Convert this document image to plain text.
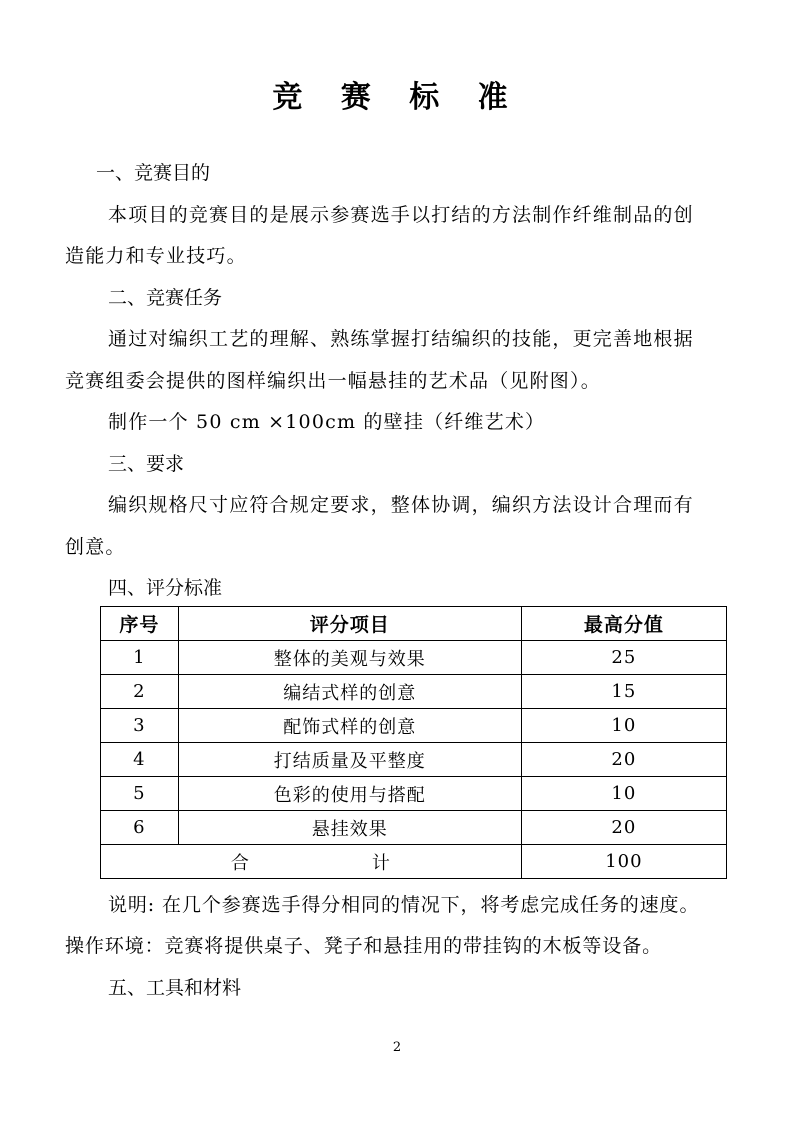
竞 赛 标 准
一、竞赛目的
本项目的竞赛目的是展示参赛选手以打结的方法制作纤维制品的创
造能力和专业技巧。
二、竞赛任务
通过对编织工艺的理解、熟练掌握打结编织的技能，更完善地根据
竞赛组委会提供的图样编织出一幅悬挂的艺术品（见附图）。
制作一个 50 cm ×100cm 的壁挂（纤维艺术）
三、要求
编织规格尺寸应符合规定要求，整体协调，编织方法设计合理而有
创意。
四、评分标准
序号	评分项目	最高分值
1	整体的美观与效果	25
2	编结式样的创意	15
3	配饰式样的创意	10
4	打结质量及平整度	20
5	色彩的使用与搭配	10
6	悬挂效果	20
合计		100
说明: 在几个参赛选手得分相同的情况下，将考虑完成任务的速度。
操作环境：竞赛将提供桌子、凳子和悬挂用的带挂钩的木板等设备。
五、工具和材料
2
